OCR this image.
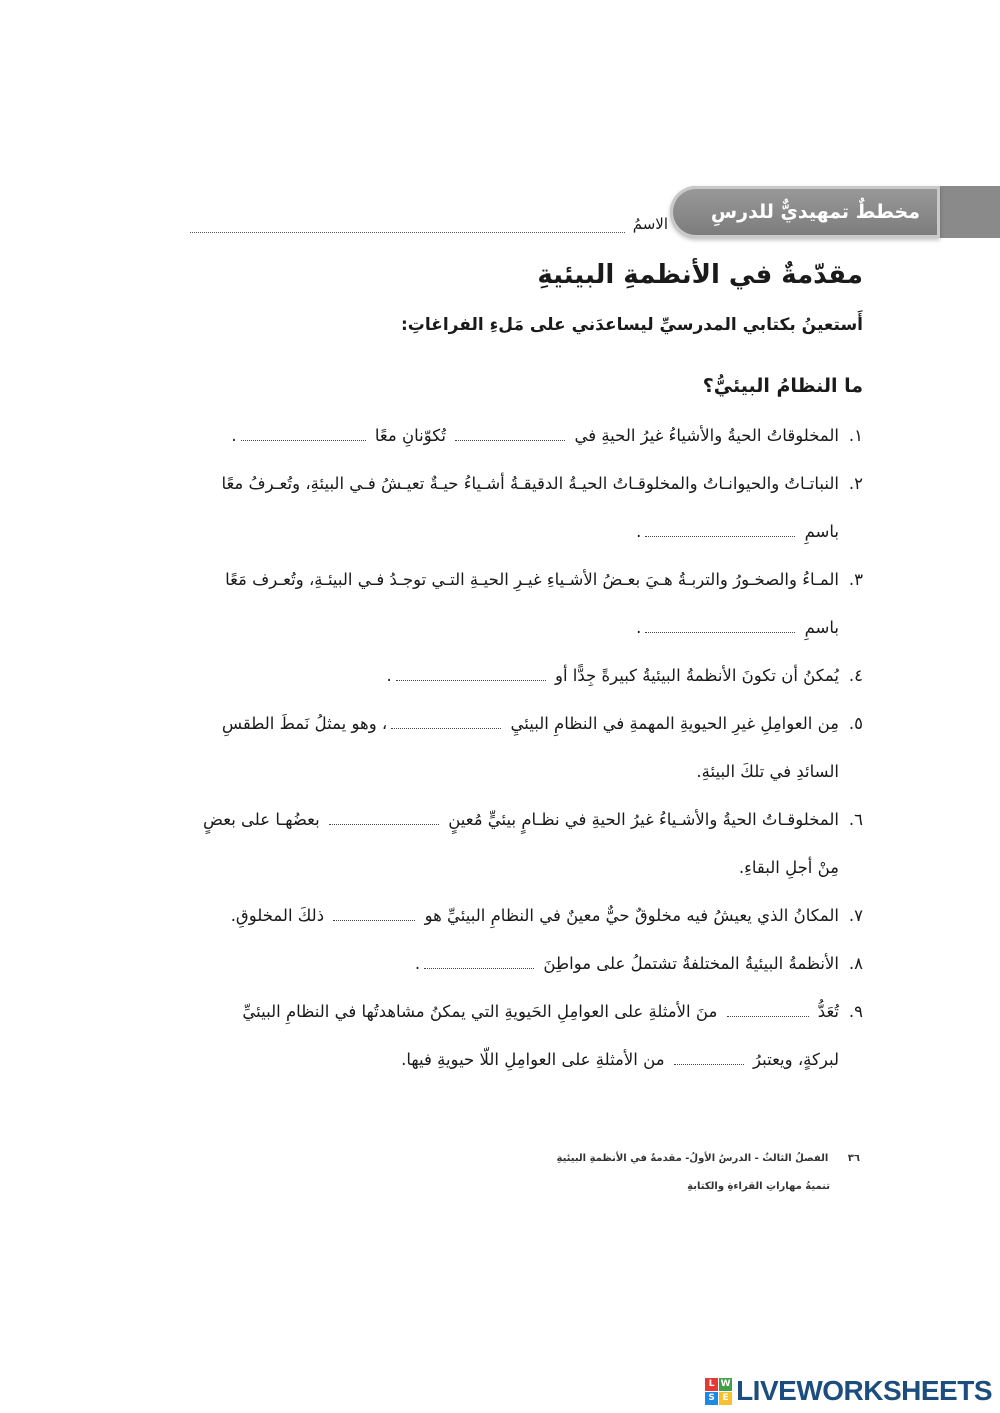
مخططٌ تمهيديٌّ للدرسِ
الاسمُ
مقدّمةٌ في الأنظمةِ البيئيةِ

أَستعينُ بكتابي المدرسيِّ ليساعدَني على مَلءِ الفراغاتِ:

ما النظامُ البيئيُّ؟
١.
المخلوقاتُ الحيةُ والأشياءُ غيرُ الحيةِ في  تُكوّنانِ معًا .
٢.
النباتـاتُ والحيوانـاتُ والمخلوقـاتُ الحيـةُ الدقيقـةُ أشـياءُ حيـةٌ تعيـشُ فـي البيئةِ، وتُعـرفُ معًا باسمِ .
٣.
المـاءُ والصخـورُ والتربـةُ هـيَ بعـضُ الأشـياءِ غيـرِ الحيـةِ التـي توجـدُ فـي البيئـةِ، وتُعـرف مَعًا باسمِ .
٤.
يُمكنُ أن تكونَ الأنظمةُ البيئيةُ كبيرةً جِدًّا أو .
٥.
مِن العوامِلِ غيرِ الحيويةِ المهمةِ في النظامِ البيئيِ ، وهو يمثلُ نَمطَ الطقسِ السائدِ في تلكَ البيئةِ.
٦.
المخلوقـاتُ الحيةُ والأشـياءُ غيرُ الحيةِ في نظـامٍ بيئيٍّ مُعينٍ  بعضُهـا على بعضٍ مِنْ أجلِ البقاءِ.
٧.
المكانُ الذي يعيشُ فيه مخلوقٌ حيٌّ معينٌ في النظامِ البيئيِّ هو  ذلكَ المخلوقِ.
٨.
الأنظمةُ البيئيةُ المختلفةُ تشتملُ على مواطِنَ .
٩.
تُعَدُّ  منَ الأمثلةِ على العوامِلِ الحَيويةِ التي يمكنُ مشاهدتُها في النظامِ البيئيِّ لبركةٍ، ويعتبرُ  من الأمثلةِ على العوامِلِ اللّا حيويةِ فيها.
٣٦ الفصلُ الثالثُ - الدرسُ الأولُ- مقدمةٌ في الأنظمةِ البيئيةِ
تنميةُ مهاراتِ القراءةِ والكتابةِ
L W
S E LIVEWORKSHEETS
